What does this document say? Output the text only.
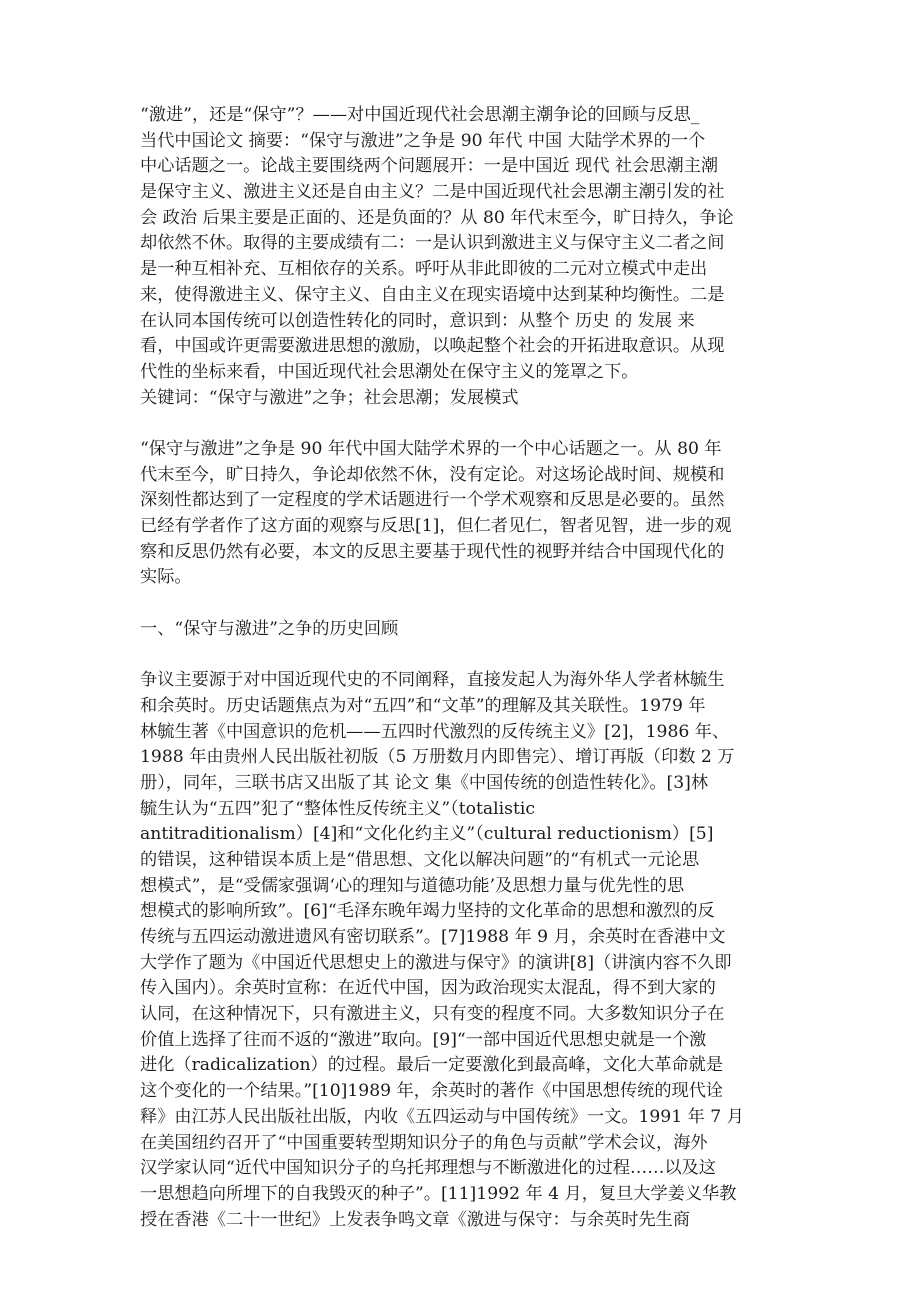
“激进”，还是“保守”？——对中国近现代社会思潮主潮争论的回顾与反思_
当代中国论文 摘要：“保守与激进”之争是 90 年代 中国 大陆学术界的一个
中心话题之一。论战主要围绕两个问题展开：一是中国近 现代 社会思潮主潮
是保守主义、激进主义还是自由主义？二是中国近现代社会思潮主潮引发的社
会 政治 后果主要是正面的、还是负面的？从 80 年代末至今，旷日持久，争论
却依然不休。取得的主要成绩有二：一是认识到激进主义与保守主义二者之间
是一种互相补充、互相依存的关系。呼吁从非此即彼的二元对立模式中走出
来，使得激进主义、保守主义、自由主义在现实语境中达到某种均衡性。二是
在认同本国传统可以创造性转化的同时，意识到：从整个 历史 的 发展 来
看，中国或许更需要激进思想的激励，以唤起整个社会的开拓进取意识。从现
代性的坐标来看，中国近现代社会思潮处在保守主义的笼罩之下。
关键词：“保守与激进”之争；社会思潮；发展模式
“保守与激进”之争是 90 年代中国大陆学术界的一个中心话题之一。从 80 年
代末至今，旷日持久，争论却依然不休，没有定论。对这场论战时间、规模和
深刻性都达到了一定程度的学术话题进行一个学术观察和反思是必要的。虽然
已经有学者作了这方面的观察与反思[1]，但仁者见仁，智者见智，进一步的观
察和反思仍然有必要，本文的反思主要基于现代性的视野并结合中国现代化的
实际。
一、“保守与激进”之争的历史回顾
争议主要源于对中国近现代史的不同阐释，直接发起人为海外华人学者林毓生
和余英时。历史话题焦点为对“五四”和“文革”的理解及其关联性。1979 年
林毓生著《中国意识的危机——五四时代激烈的反传统主义》[2]，1986 年、
1988 年由贵州人民出版社初版（5 万册数月内即售完）、增订再版（印数 2 万
册），同年，三联书店又出版了其 论文 集《中国传统的创造性转化》。[3]林
毓生认为“五四”犯了“整体性反传统主义”（totalistic
antitraditionalism）[4]和“文化化约主义”（cultural reductionism）[5]
的错误，这种错误本质上是“借思想、文化以解决问题”的“有机式一元论思
想模式”，是“受儒家强调‘心的理知与道德功能’及思想力量与优先性的思
想模式的影响所致”。[6]“毛泽东晚年竭力坚持的文化革命的思想和激烈的反
传统与五四运动激进遗风有密切联系”。[7]1988 年 9 月，余英时在香港中文
大学作了题为《中国近代思想史上的激进与保守》的演讲[8]（讲演内容不久即
传入国内）。余英时宣称：在近代中国，因为政治现实太混乱，得不到大家的
认同，在这种情况下，只有激进主义，只有变的程度不同。大多数知识分子在
价值上选择了往而不返的“激进”取向。[9]“一部中国近代思想史就是一个激
进化（radicalization）的过程。最后一定要激化到最高峰，文化大革命就是
这个变化的一个结果。”[10]1989 年，余英时的著作《中国思想传统的现代诠
释》由江苏人民出版社出版，内收《五四运动与中国传统》一文。1991 年 7 月
在美国纽约召开了“中国重要转型期知识分子的角色与贡献”学术会议，海外
汉学家认同“近代中国知识分子的乌托邦理想与不断激进化的过程……以及这
一思想趋向所埋下的自我毁灭的种子”。[11]1992 年 4 月，复旦大学姜义华教
授在香港《二十一世纪》上发表争鸣文章《激进与保守：与余英时先生商
